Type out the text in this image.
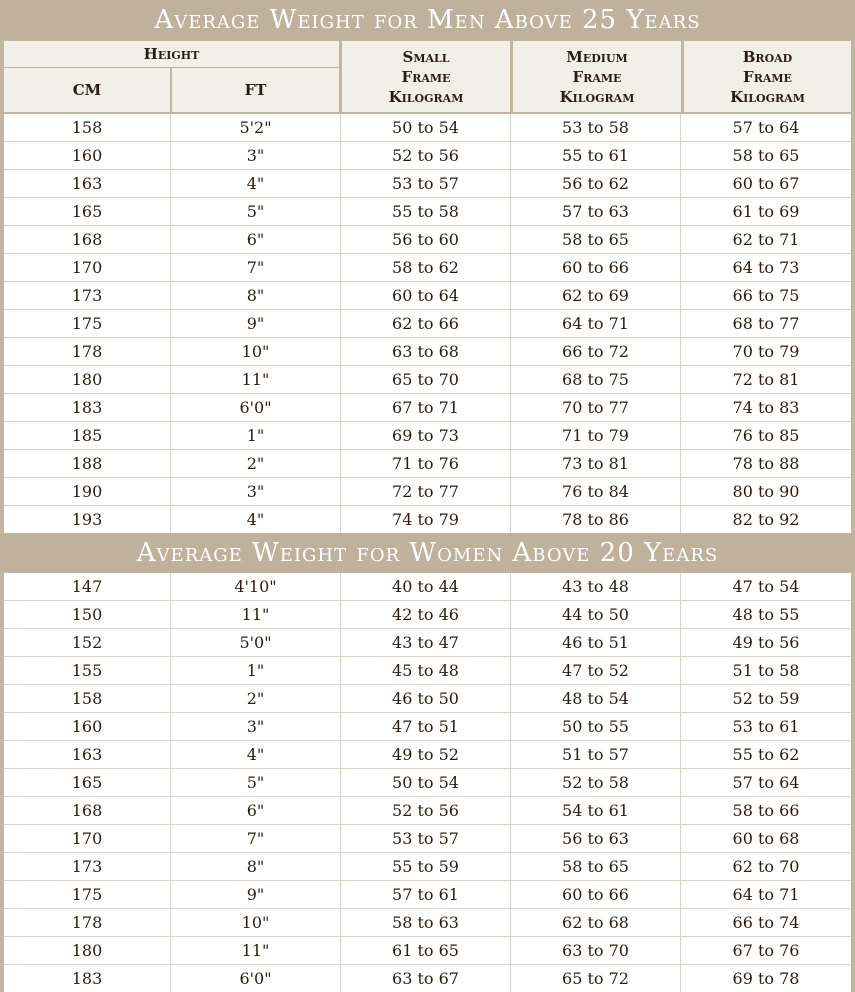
Average Weight for Men Above 25 Years
Height
CM	FT
Small
Frame
Kilogram
Medium
Frame
Kilogram
Broad
Frame
Kilogram
158	5'2"	50 to 54	53 to 58	57 to 64
160	3"	52 to 56	55 to 61	58 to 65
163	4"	53 to 57	56 to 62	60 to 67
165	5"	55 to 58	57 to 63	61 to 69
168	6"	56 to 60	58 to 65	62 to 71
170	7"	58 to 62	60 to 66	64 to 73
173	8"	60 to 64	62 to 69	66 to 75
175	9"	62 to 66	64 to 71	68 to 77
178	10"	63 to 68	66 to 72	70 to 79
180	11"	65 to 70	68 to 75	72 to 81
183	6'0"	67 to 71	70 to 77	74 to 83
185	1"	69 to 73	71 to 79	76 to 85
188	2"	71 to 76	73 to 81	78 to 88
190	3"	72 to 77	76 to 84	80 to 90
193	4"	74 to 79	78 to 86	82 to 92
Average Weight for Women Above 20 Years
147	4'10"	40 to 44	43 to 48	47 to 54
150	11"	42 to 46	44 to 50	48 to 55
152	5'0"	43 to 47	46 to 51	49 to 56
155	1"	45 to 48	47 to 52	51 to 58
158	2"	46 to 50	48 to 54	52 to 59
160	3"	47 to 51	50 to 55	53 to 61
163	4"	49 to 52	51 to 57	55 to 62
165	5"	50 to 54	52 to 58	57 to 64
168	6"	52 to 56	54 to 61	58 to 66
170	7"	53 to 57	56 to 63	60 to 68
173	8"	55 to 59	58 to 65	62 to 70
175	9"	57 to 61	60 to 66	64 to 71
178	10"	58 to 63	62 to 68	66 to 74
180	11"	61 to 65	63 to 70	67 to 76
183	6'0"	63 to 67	65 to 72	69 to 78
